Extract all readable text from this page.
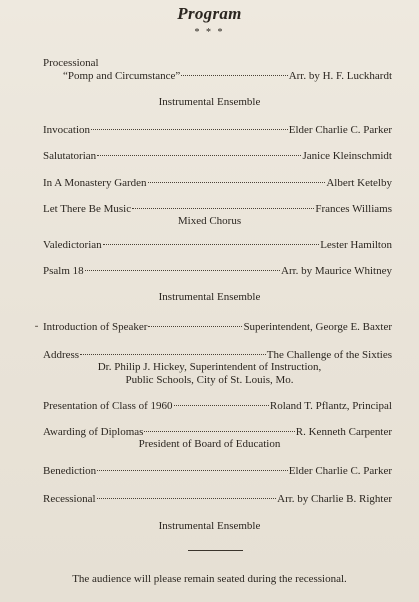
Program
* * *
Processional
“Pomp and Circumstance”	Arr. by H. F. Luckhardt
Instrumental Ensemble
Invocation	Elder Charlie C. Parker
Salutatorian	Janice Kleinschmidt
In A Monastery Garden	Albert Ketelby
Let There Be Music	Frances Williams
Mixed Chorus
Valedictorian	Lester Hamilton
Psalm 18	Arr. by Maurice Whitney
Instrumental Ensemble
⁃ Introduction of Speaker	Superintendent, George E. Baxter
Address	The Challenge of the Sixties
Dr. Philip J. Hickey, Superintendent of Instruction,
Public Schools, City of St. Louis, Mo.
Presentation of Class of 1960	Roland T. Pflantz, Principal
Awarding of Diplomas	R. Kenneth Carpenter
President of Board of Education
Benediction	Elder Charlie C. Parker
Recessional	Arr. by Charlie B. Righter
Instrumental Ensemble
The audience will please remain seated during the recessional.
